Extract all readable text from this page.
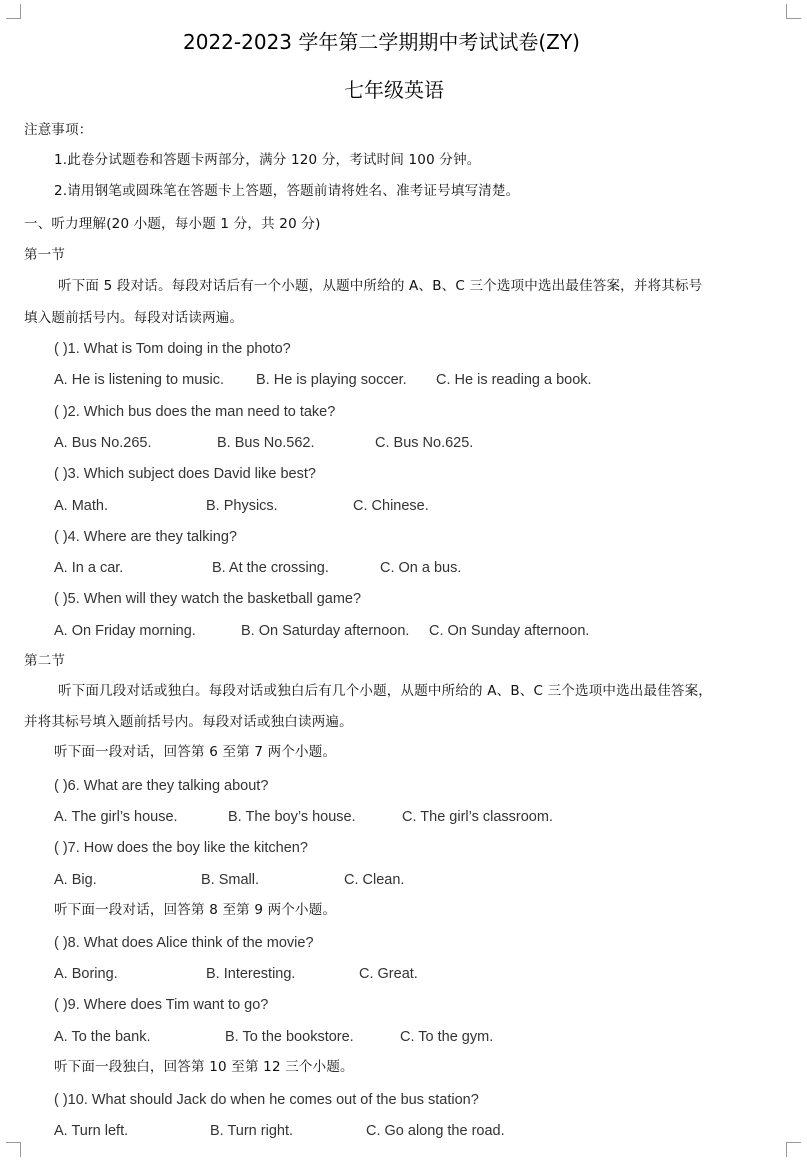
2022-2023 学年第二学期期中考试试卷(ZY)
七年级英语
注意事项：
1.此卷分试题卷和答题卡两部分，满分 120 分，考试时间 100 分钟。
2.请用钢笔或圆珠笔在答题卡上答题，答题前请将姓名、准考证号填写清楚。
一、听力理解(20 小题，每小题 1 分，共 20 分)
第一节
听下面 5 段对话。每段对话后有一个小题，从题中所给的 A、B、C 三个选项中选出最佳答案，并将其标号
填入题前括号内。每段对话读两遍。
( )1. What is Tom doing in the photo?
A. He is listening to music. B. He is playing soccer. C. He is reading a book.
( )2. Which bus does the man need to take?
A. Bus No.265.	B. Bus No.562.	C. Bus No.625.
( )3. Which subject does David like best?
A. Math.	B. Physics.	C. Chinese.
( )4. Where are they talking?
A. In a car.	B. At the crossing.	C. On a bus.
( )5. When will they watch the basketball game?
A. On Friday morning.	B. On Saturday afternoon. C. On Sunday afternoon.
第二节
听下面几段对话或独白。每段对话或独白后有几个小题，从题中所给的 A、B、C 三个选项中选出最佳答案，
并将其标号填入题前括号内。每段对话或独白读两遍。
听下面一段对话，回答第 6 至第 7 两个小题。
( )6. What are they talking about?
A. The girl’s house.	B. The boy’s house.	C. The girl’s classroom.
( )7. How does the boy like the kitchen?
A. Big.	B. Small.	C. Clean.
听下面一段对话，回答第 8 至第 9 两个小题。
( )8. What does Alice think of the movie?
A. Boring.	B. Interesting.	C. Great.
( )9. Where does Tim want to go?
A. To the bank.	B. To the bookstore.	C. To the gym.
听下面一段独白，回答第 10 至第 12 三个小题。
( )10. What should Jack do when he comes out of the bus station?
A. Turn left.	B. Turn right.	C. Go along the road.
